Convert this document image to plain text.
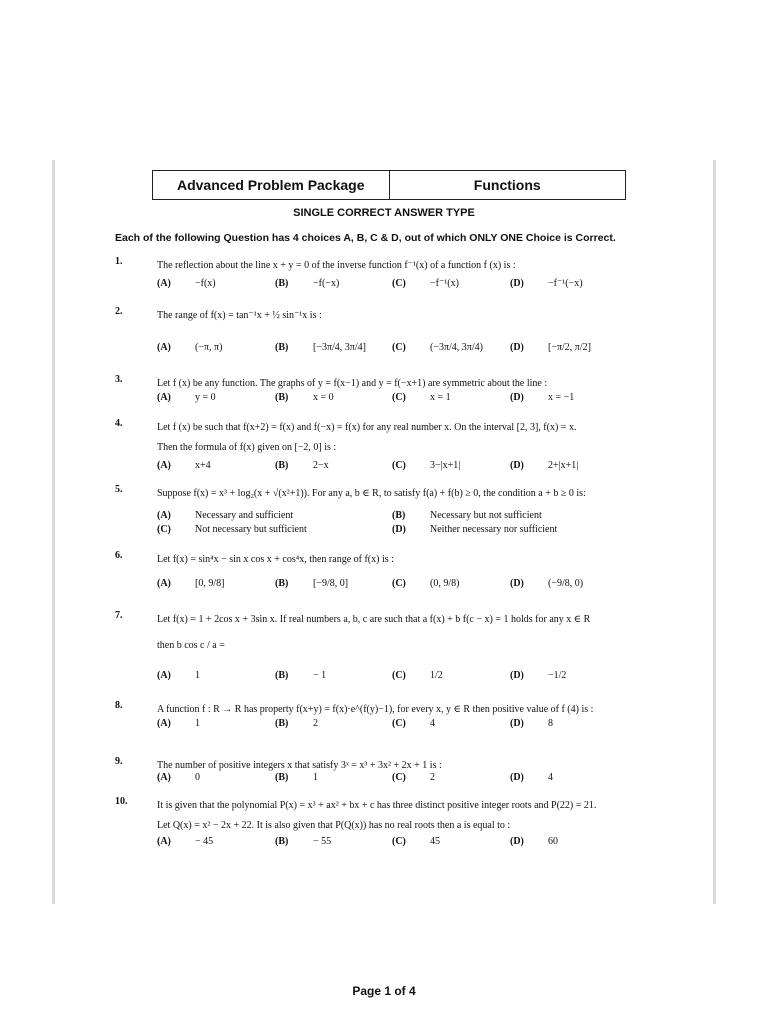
Advanced Problem Package	Functions
SINGLE CORRECT ANSWER TYPE
Each of the following Question has 4 choices A, B, C & D, out of which ONLY ONE Choice is Correct.
1.	The reflection about the line x + y = 0 of the inverse function f⁻¹(x) of a function f (x) is :
(A) −f(x)	(B) −f(−x)	(C) −f⁻¹(x)	(D) −f⁻¹(−x)
2.	The range of f(x) = tan⁻¹x + ½ sin⁻¹x is :
(A) (−π, π)	(B) [−3π/4, 3π/4]	(C) (−3π/4, 3π/4)	(D) [−π/2, π/2]
3.	Let f (x) be any function. The graphs of y = f(x−1) and y = f(−x+1) are symmetric about the line :
(A) y = 0	(B) x = 0	(C) x = 1	(D) x = −1
4.	Let f (x) be such that f(x+2) = f(x) and f(−x) = f(x) for any real number x. On the interval [2, 3], f(x) = x.
Then the formula of f(x) given on [−2, 0] is :
(A) x+4	(B) 2−x	(C) 3−|x+1|	(D) 2+|x+1|
5.	Suppose f(x) = x³ + log₂(x + √(x²+1)). For any a, b ∈ R, to satisfy f(a) + f(b) ≥ 0, the condition a + b ≥ 0 is:
(A) Necessary and sufficient	(B) Necessary but not sufficient
(C) Not necessary but sufficient	(D) Neither necessary nor sufficient
6.	Let f(x) = sin⁴x − sin x cos x + cos⁴x, then range of f(x) is :
(A) [0, 9/8]	(B) [−9/8, 0]	(C) (0, 9/8)	(D) (−9/8, 0)
7.	Let f(x) = 1 + 2cos x + 3sin x. If real numbers a, b, c are such that a f(x) + b f(c − x) = 1 holds for any x ∈ R
then b cos c / a =
(A) 1	(B) − 1	(C) 1/2	(D) −1/2
8.	A function f : R → R has property f(x+y) = f(x)·e^(f(y)−1), for every x, y ∈ R then positive value of f (4) is :
(A) 1	(B) 2	(C) 4	(D) 8
9.	The number of positive integers x that satisfy 3ˣ = x³ + 3x² + 2x + 1 is :
(A) 0	(B) 1	(C) 2	(D) 4
10.	It is given that the polynomial P(x) = x³ + ax² + bx + c has three distinct positive integer roots and P(22) = 21.
Let Q(x) = x² − 2x + 22. It is also given that P(Q(x)) has no real roots then a is equal to :
(A) − 45	(B) − 55	(C) 45	(D) 60
Page 1 of 4
